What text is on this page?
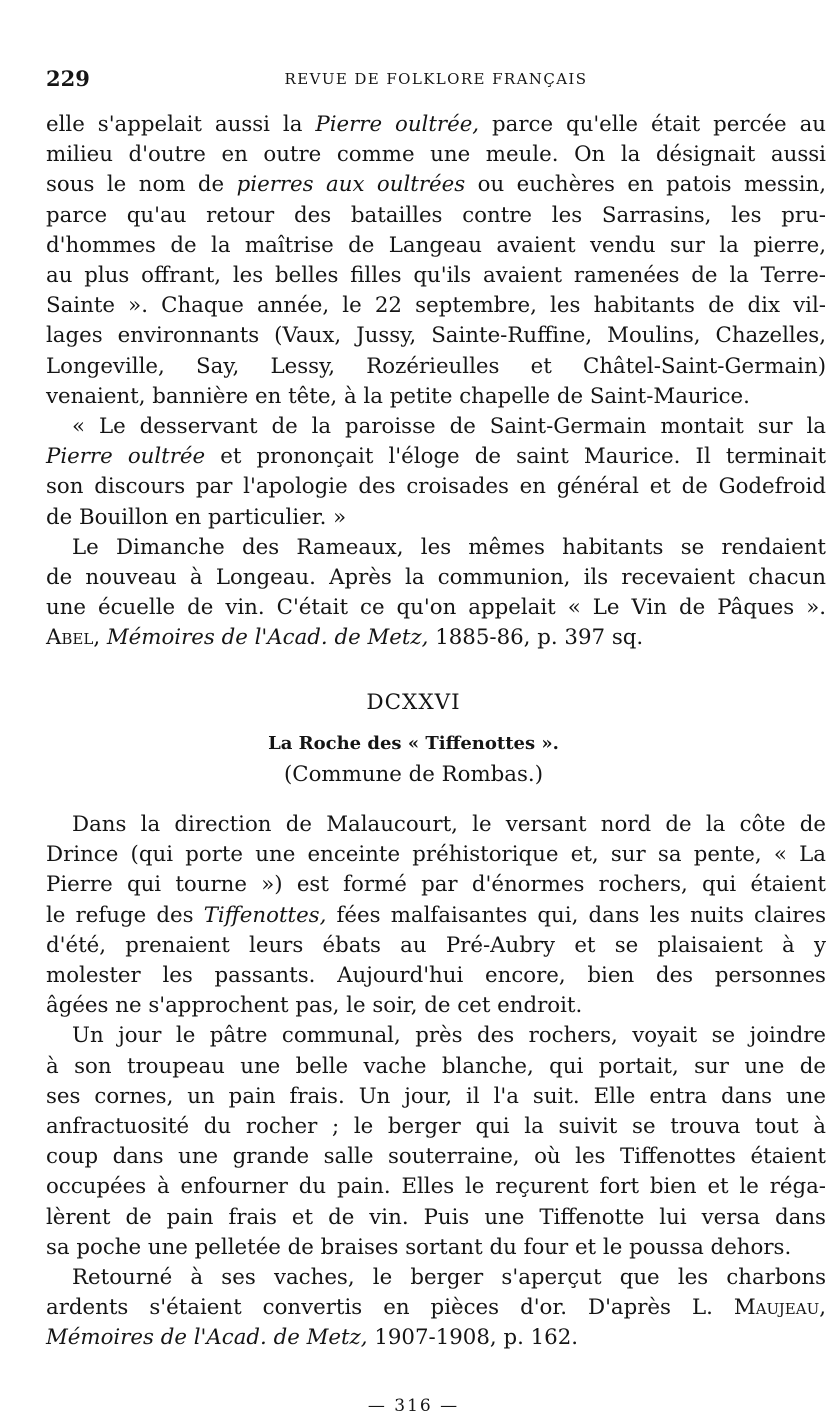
229	REVUE DE FOLKLORE FRANÇAIS

elle s'appelait aussi la Pierre oultrée, parce qu'elle était percée au

milieu d'outre en outre comme une meule. On la désignait aussi

sous le nom de pierres aux oultrées ou euchères en patois messin,

parce qu'au retour des batailles contre les Sarrasins, les pru-

d'hommes de la maîtrise de Langeau avaient vendu sur la pierre,

au plus offrant, les belles filles qu'ils avaient ramenées de la Terre-

Sainte ». Chaque année, le 22 septembre, les habitants de dix vil-

lages environnants (Vaux, Jussy, Sainte-Ruffine, Moulins, Chazelles,

Longeville, Say, Lessy, Rozérieulles et Châtel-Saint-Germain)

venaient, bannière en tête, à la petite chapelle de Saint-Maurice.

« Le desservant de la paroisse de Saint-Germain montait sur la

Pierre oultrée et prononçait l'éloge de saint Maurice. Il terminait

son discours par l'apologie des croisades en général et de Godefroid

de Bouillon en particulier. »

Le Dimanche des Rameaux, les mêmes habitants se rendaient

de nouveau à Longeau. Après la communion, ils recevaient chacun

une écuelle de vin. C'était ce qu'on appelait « Le Vin de Pâques ».

Abel, Mémoires de l'Acad. de Metz, 1885-86, p. 397 sq.

DCXXVI
La Roche des « Tiffenottes ».
(Commune de Rombas.)

Dans la direction de Malaucourt, le versant nord de la côte de

Drince (qui porte une enceinte préhistorique et, sur sa pente, « La

Pierre qui tourne ») est formé par d'énormes rochers, qui étaient

le refuge des Tiffenottes, fées malfaisantes qui, dans les nuits claires

d'été, prenaient leurs ébats au Pré-Aubry et se plaisaient à y

molester les passants. Aujourd'hui encore, bien des personnes

âgées ne s'approchent pas, le soir, de cet endroit.

Un jour le pâtre communal, près des rochers, voyait se joindre

à son troupeau une belle vache blanche, qui portait, sur une de

ses cornes, un pain frais. Un jour, il l'a suit. Elle entra dans une

anfractuosité du rocher ; le berger qui la suivit se trouva tout à

coup dans une grande salle souterraine, où les Tiffenottes étaient

occupées à enfourner du pain. Elles le reçurent fort bien et le réga-

lèrent de pain frais et de vin. Puis une Tiffenotte lui versa dans

sa poche une pelletée de braises sortant du four et le poussa dehors.

Retourné à ses vaches, le berger s'aperçut que les charbons

ardents s'étaient convertis en pièces d'or. D'après L. Maujeau,

Mémoires de l'Acad. de Metz, 1907-1908, p. 162.

— 316 —
